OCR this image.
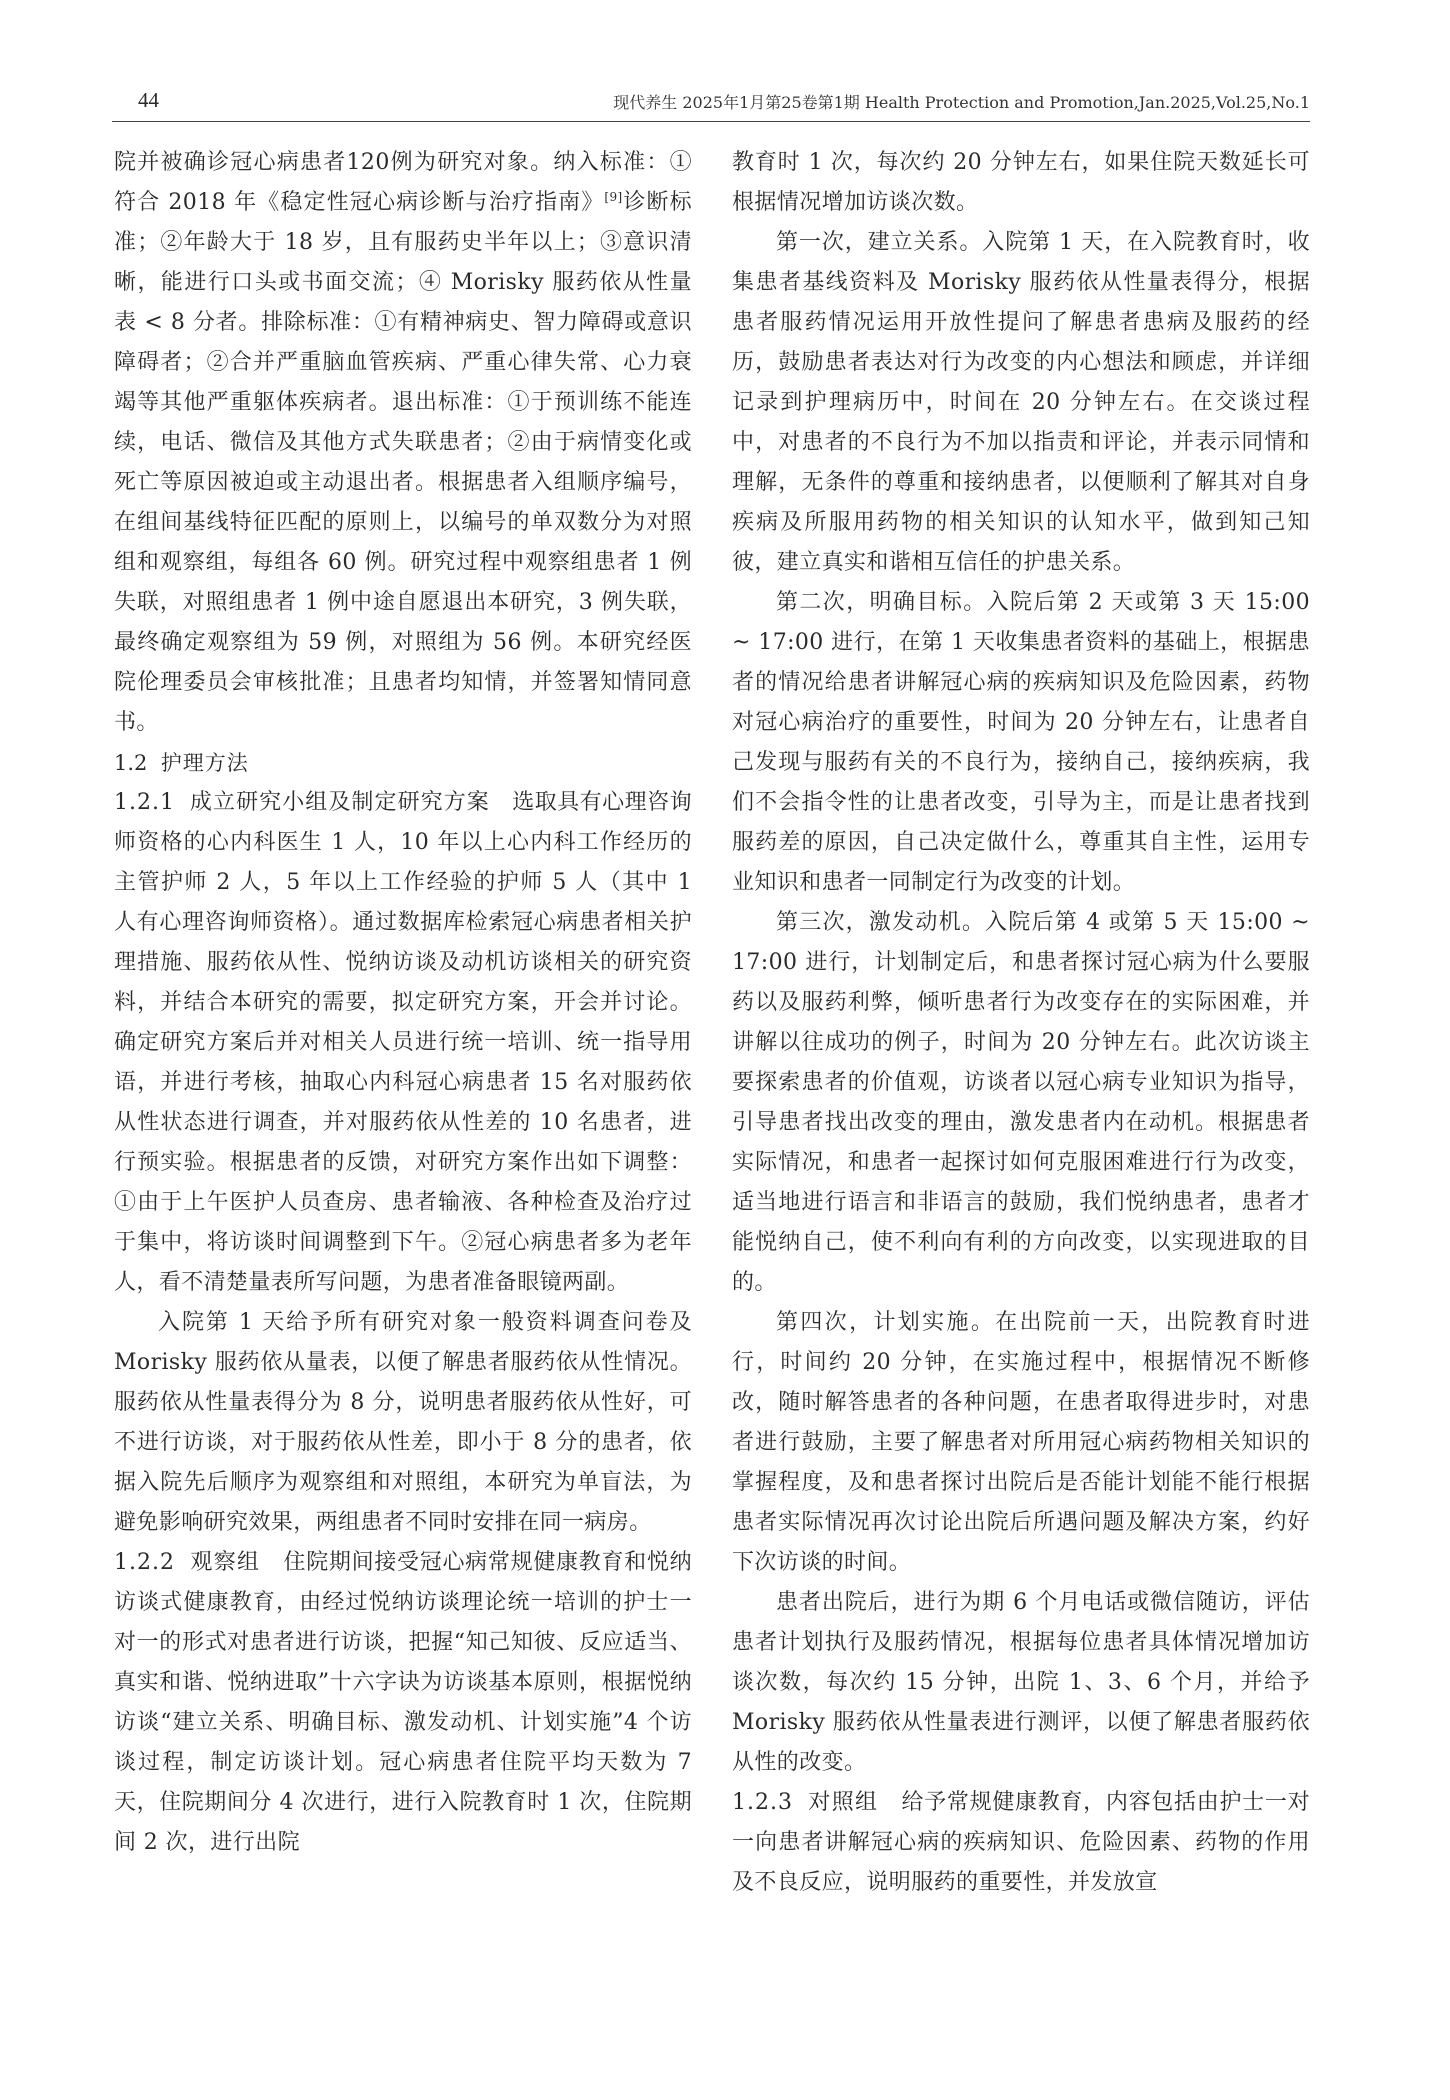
44	现代养生 2025年1月第25卷第1期 Health Protection and Promotion,Jan.2025,Vol.25,No.1

院并被确诊冠心病患者120例为研究对象。纳入标准：①符合 2018 年《稳定性冠心病诊断与治疗指南》[9]诊断标准；②年龄大于 18 岁，且有服药史半年以上；③意识清晰，能进行口头或书面交流；④ Morisky 服药依从性量表 < 8 分者。排除标准：①有精神病史、智力障碍或意识障碍者；②合并严重脑血管疾病、严重心律失常、心力衰竭等其他严重躯体疾病者。退出标准：①于预训练不能连续，电话、微信及其他方式失联患者；②由于病情变化或死亡等原因被迫或主动退出者。根据患者入组顺序编号，在组间基线特征匹配的原则上，以编号的单双数分为对照组和观察组，每组各 60 例。研究过程中观察组患者 1 例失联，对照组患者 1 例中途自愿退出本研究，3 例失联，最终确定观察组为 59 例，对照组为 56 例。本研究经医院伦理委员会审核批准；且患者均知情，并签署知情同意书。

1.2 护理方法

1.2.1 成立研究小组及制定研究方案 选取具有心理咨询师资格的心内科医生 1 人，10 年以上心内科工作经历的主管护师 2 人，5 年以上工作经验的护师 5 人（其中 1 人有心理咨询师资格）。通过数据库检索冠心病患者相关护理措施、服药依从性、悦纳访谈及动机访谈相关的研究资料，并结合本研究的需要，拟定研究方案，开会并讨论。确定研究方案后并对相关人员进行统一培训、统一指导用语，并进行考核，抽取心内科冠心病患者 15 名对服药依从性状态进行调查，并对服药依从性差的 10 名患者，进行预实验。根据患者的反馈，对研究方案作出如下调整：①由于上午医护人员查房、患者输液、各种检查及治疗过于集中，将访谈时间调整到下午。②冠心病患者多为老年人，看不清楚量表所写问题，为患者准备眼镜两副。

入院第 1 天给予所有研究对象一般资料调查问卷及 Morisky 服药依从量表，以便了解患者服药依从性情况。服药依从性量表得分为 8 分，说明患者服药依从性好，可不进行访谈，对于服药依从性差，即小于 8 分的患者，依据入院先后顺序为观察组和对照组，本研究为单盲法，为避免影响研究效果，两组患者不同时安排在同一病房。

1.2.2 观察组 住院期间接受冠心病常规健康教育和悦纳访谈式健康教育，由经过悦纳访谈理论统一培训的护士一对一的形式对患者进行访谈，把握“知己知彼、反应适当、真实和谐、悦纳进取”十六字诀为访谈基本原则，根据悦纳访谈“建立关系、明确目标、激发动机、计划实施”4 个访谈过程，制定访谈计划。冠心病患者住院平均天数为 7 天，住院期间分 4 次进行，进行入院教育时 1 次，住院期间 2 次，进行出院

教育时 1 次，每次约 20 分钟左右，如果住院天数延长可根据情况增加访谈次数。

第一次，建立关系。入院第 1 天，在入院教育时，收集患者基线资料及 Morisky 服药依从性量表得分，根据患者服药情况运用开放性提问了解患者患病及服药的经历，鼓励患者表达对行为改变的内心想法和顾虑，并详细记录到护理病历中，时间在 20 分钟左右。在交谈过程中，对患者的不良行为不加以指责和评论，并表示同情和理解，无条件的尊重和接纳患者，以便顺利了解其对自身疾病及所服用药物的相关知识的认知水平，做到知己知彼，建立真实和谐相互信任的护患关系。

第二次，明确目标。入院后第 2 天或第 3 天 15:00 ~ 17:00 进行，在第 1 天收集患者资料的基础上，根据患者的情况给患者讲解冠心病的疾病知识及危险因素，药物对冠心病治疗的重要性，时间为 20 分钟左右，让患者自己发现与服药有关的不良行为，接纳自己，接纳疾病，我们不会指令性的让患者改变，引导为主，而是让患者找到服药差的原因，自己决定做什么，尊重其自主性，运用专业知识和患者一同制定行为改变的计划。

第三次，激发动机。入院后第 4 或第 5 天 15:00 ~ 17:00 进行，计划制定后，和患者探讨冠心病为什么要服药以及服药利弊，倾听患者行为改变存在的实际困难，并讲解以往成功的例子，时间为 20 分钟左右。此次访谈主要探索患者的价值观，访谈者以冠心病专业知识为指导，引导患者找出改变的理由，激发患者内在动机。根据患者实际情况，和患者一起探讨如何克服困难进行行为改变，适当地进行语言和非语言的鼓励，我们悦纳患者，患者才能悦纳自己，使不利向有利的方向改变，以实现进取的目的。

第四次，计划实施。在出院前一天，出院教育时进行，时间约 20 分钟，在实施过程中，根据情况不断修改，随时解答患者的各种问题，在患者取得进步时，对患者进行鼓励，主要了解患者对所用冠心病药物相关知识的掌握程度，及和患者探讨出院后是否能计划能不能行根据患者实际情况再次讨论出院后所遇问题及解决方案，约好下次访谈的时间。

患者出院后，进行为期 6 个月电话或微信随访，评估患者计划执行及服药情况，根据每位患者具体情况增加访谈次数，每次约 15 分钟，出院 1、3、6 个月，并给予 Morisky 服药依从性量表进行测评，以便了解患者服药依从性的改变。

1.2.3 对照组 给予常规健康教育，内容包括由护士一对一向患者讲解冠心病的疾病知识、危险因素、药物的作用及不良反应，说明服药的重要性，并发放宣
